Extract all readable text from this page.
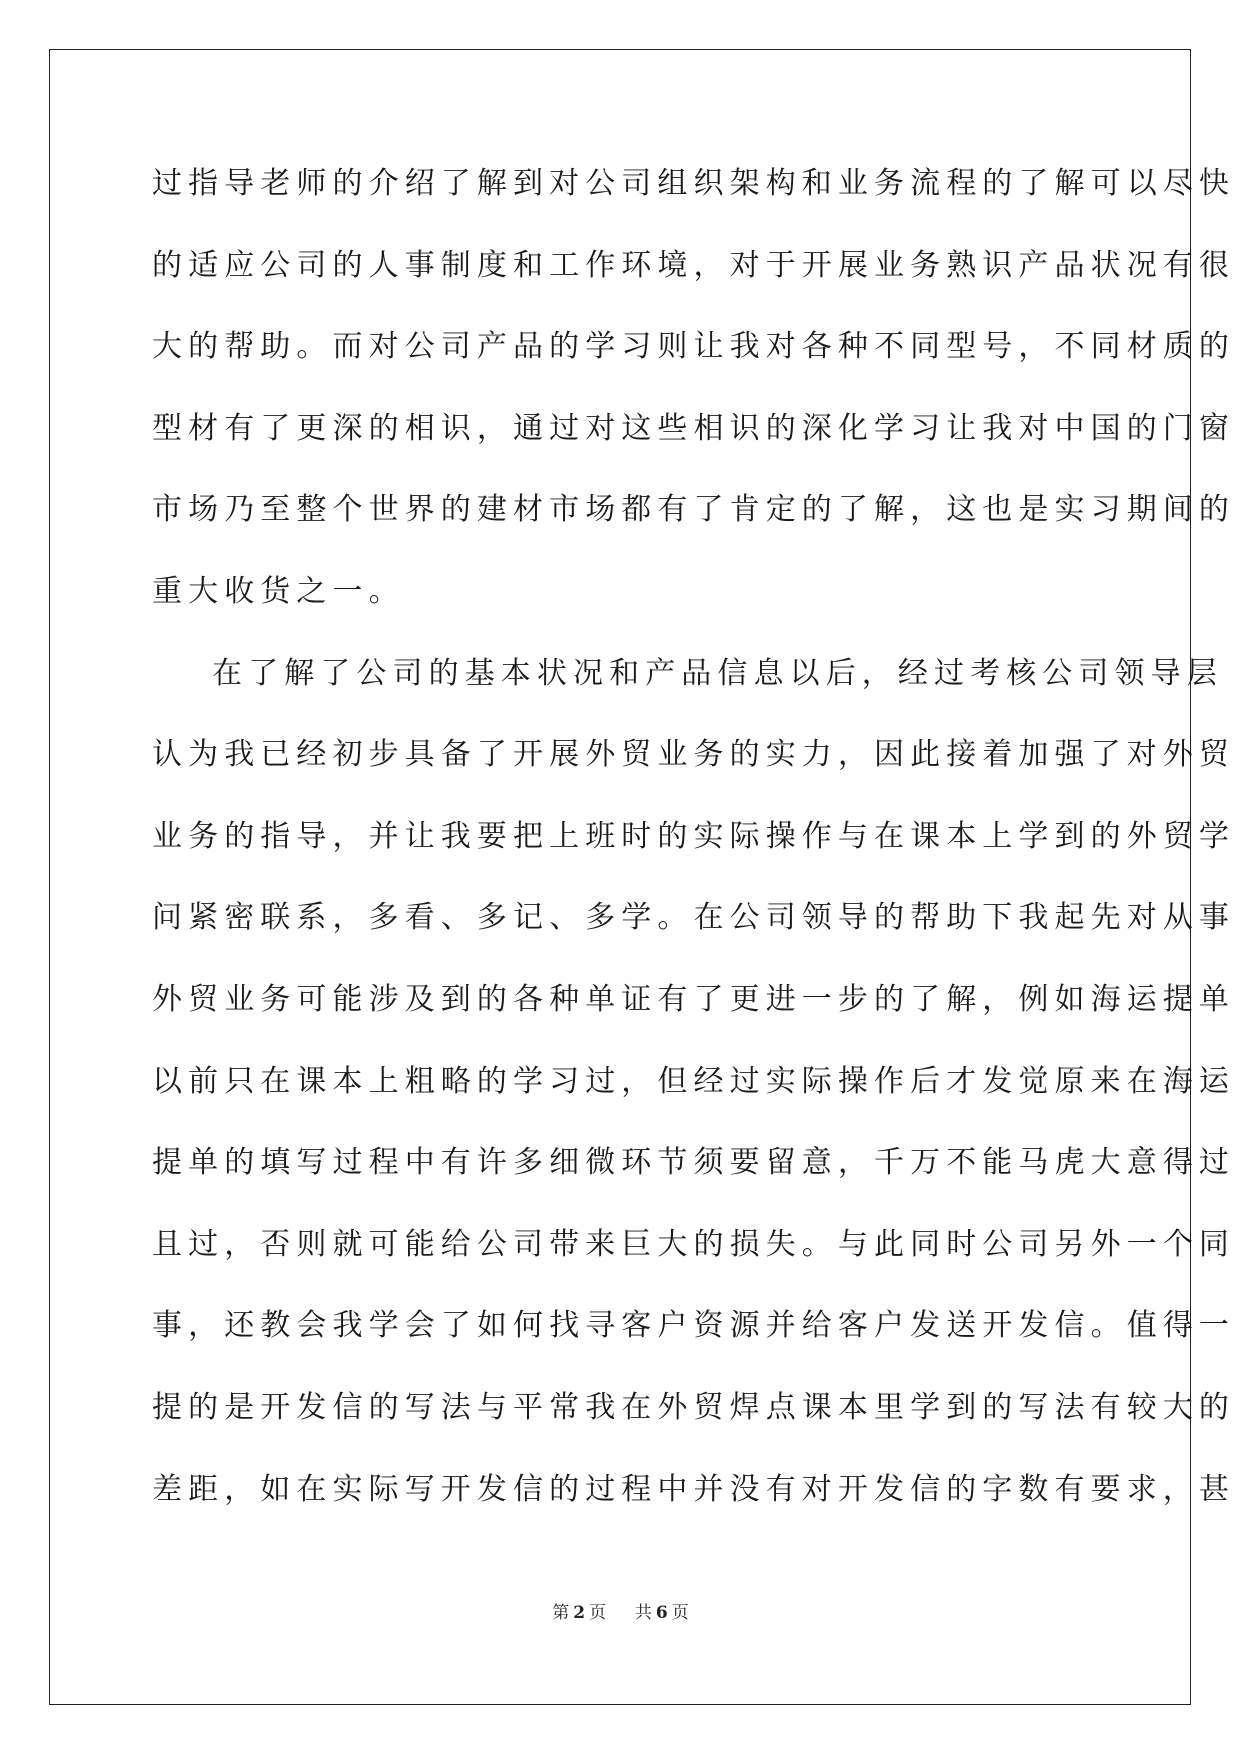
过指导老师的介绍了解到对公司组织架构和业务流程的了解可以尽快
的适应公司的人事制度和工作环境，对于开展业务熟识产品状况有很
大的帮助。而对公司产品的学习则让我对各种不同型号，不同材质的
型材有了更深的相识，通过对这些相识的深化学习让我对中国的门窗
市场乃至整个世界的建材市场都有了肯定的了解，这也是实习期间的
重大收货之一。

在了解了公司的基本状况和产品信息以后，经过考核公司领导层
认为我已经初步具备了开展外贸业务的实力，因此接着加强了对外贸
业务的指导，并让我要把上班时的实际操作与在课本上学到的外贸学
问紧密联系，多看、多记、多学。在公司领导的帮助下我起先对从事
外贸业务可能涉及到的各种单证有了更进一步的了解，例如海运提单
以前只在课本上粗略的学习过，但经过实际操作后才发觉原来在海运
提单的填写过程中有许多细微环节须要留意，千万不能马虎大意得过
且过，否则就可能给公司带来巨大的损失。与此同时公司另外一个同
事，还教会我学会了如何找寻客户资源并给客户发送开发信。值得一
提的是开发信的写法与平常我在外贸焊点课本里学到的写法有较大的
差距，如在实际写开发信的过程中并没有对开发信的字数有要求，甚

第 2 页 共 6 页
